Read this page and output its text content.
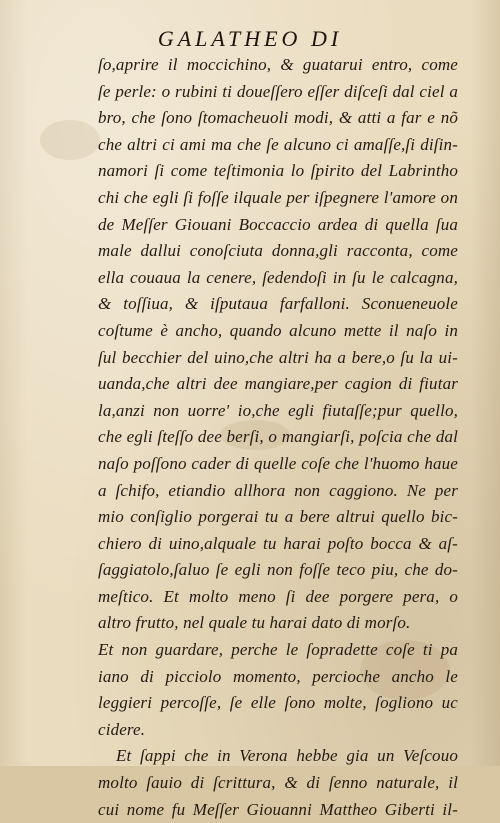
GALATHEO DI
ſo,aprire il moccichino, & guatarui entro, come
ſe perle: o rubini ti doueſſero eſſer diſceſi dal ciel a
bro, che ſono ſtomacheuoli modi, & atti a far e nõ
che altri ci ami ma che ſe alcuno ci amaſſe,ſi diſin-
namori ſi come teſtimonia lo ſpirito del Labrintho
chi che egli ſi foſſe ilquale per iſpegnere l'amore on
de Meſſer Giouani Boccaccio ardea di quella ſua
male dallui conoſciuta donna,gli racconta, come
ella couaua la cenere, ſedendoſi in ſu le calcagna,
& toſſiua, & iſputaua farfalloni. Sconueneuole
coſtume è ancho, quando alcuno mette il naſo in
ſul becchier del uino,che altri ha a bere,o ſu la ui-
uanda,che altri dee mangiare,per cagion di fiutar
la,anzi non uorre' io,che egli fiutaſſe;pur quello,
che egli ſteſſo dee berſi, o mangiarſi, poſcia che dal
naſo poſſono cader di quelle coſe che l'huomo haue
a ſchifo, etiandio allhora non caggiono. Ne per
mio conſiglio porgerai tu a bere altrui quello bic-
chiero di uino,alquale tu harai poſto bocca & aſ-
ſaggiatolo,ſaluo ſe egli non foſſe teco piu, che do-
meſtico. Et molto meno ſi dee porgere pera, o
altro frutto, nel quale tu harai dato di morſo.
Et non guardare, perche le ſopradette coſe ti pa
iano di picciolo momento, percioche ancho le
leggieri percoſſe, ſe elle ſono molte, ſogliono uc
cidere.
Et ſappi che in Verona hebbe gia un Veſcouo
molto ſauio di ſcrittura, & di ſenno naturale, il
cui nome fu Meſſer Giouanni Mattheo Giberti il-
